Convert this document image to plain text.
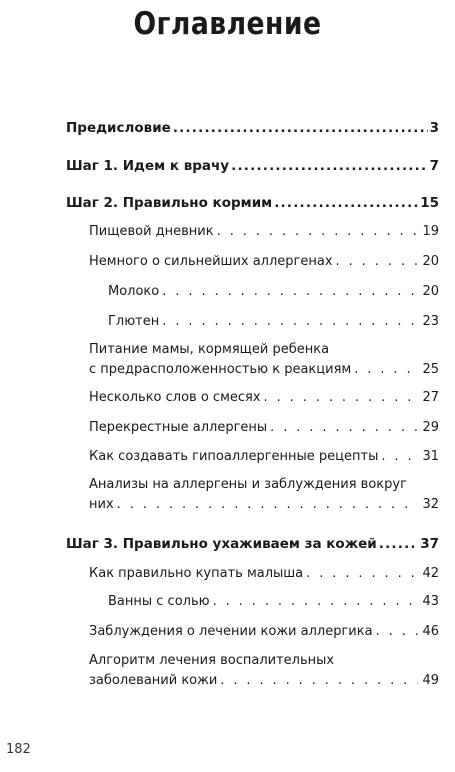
Оглавление
Предисловие .....	3
Шаг 1. Идем к врачу .....	7
Шаг 2. Правильно кормим .....	15
Пищевой дневник . . .	19
Немного о сильнейших аллергенах . . .	20
Молоко . . .	20
Глютен . . .	23
Питание мамы, кормящей ребенка
с предрасположенностью к реакциям . . .	25
Несколько слов о смесях . . .	27
Перекрестные аллергены . . .	29
Как создавать гипоаллергенные рецепты . . .	31
Анализы на аллергены и заблуждения вокруг
них . . .	32
Шаг 3. Правильно ухаживаем за кожей .....	37
Как правильно купать малыша . . .	42
Ванны с солью . . .	43
Заблуждения о лечении кожи аллергика . . .	46
Алгоритм лечения воспалительных
заболеваний кожи . . .	49
182
